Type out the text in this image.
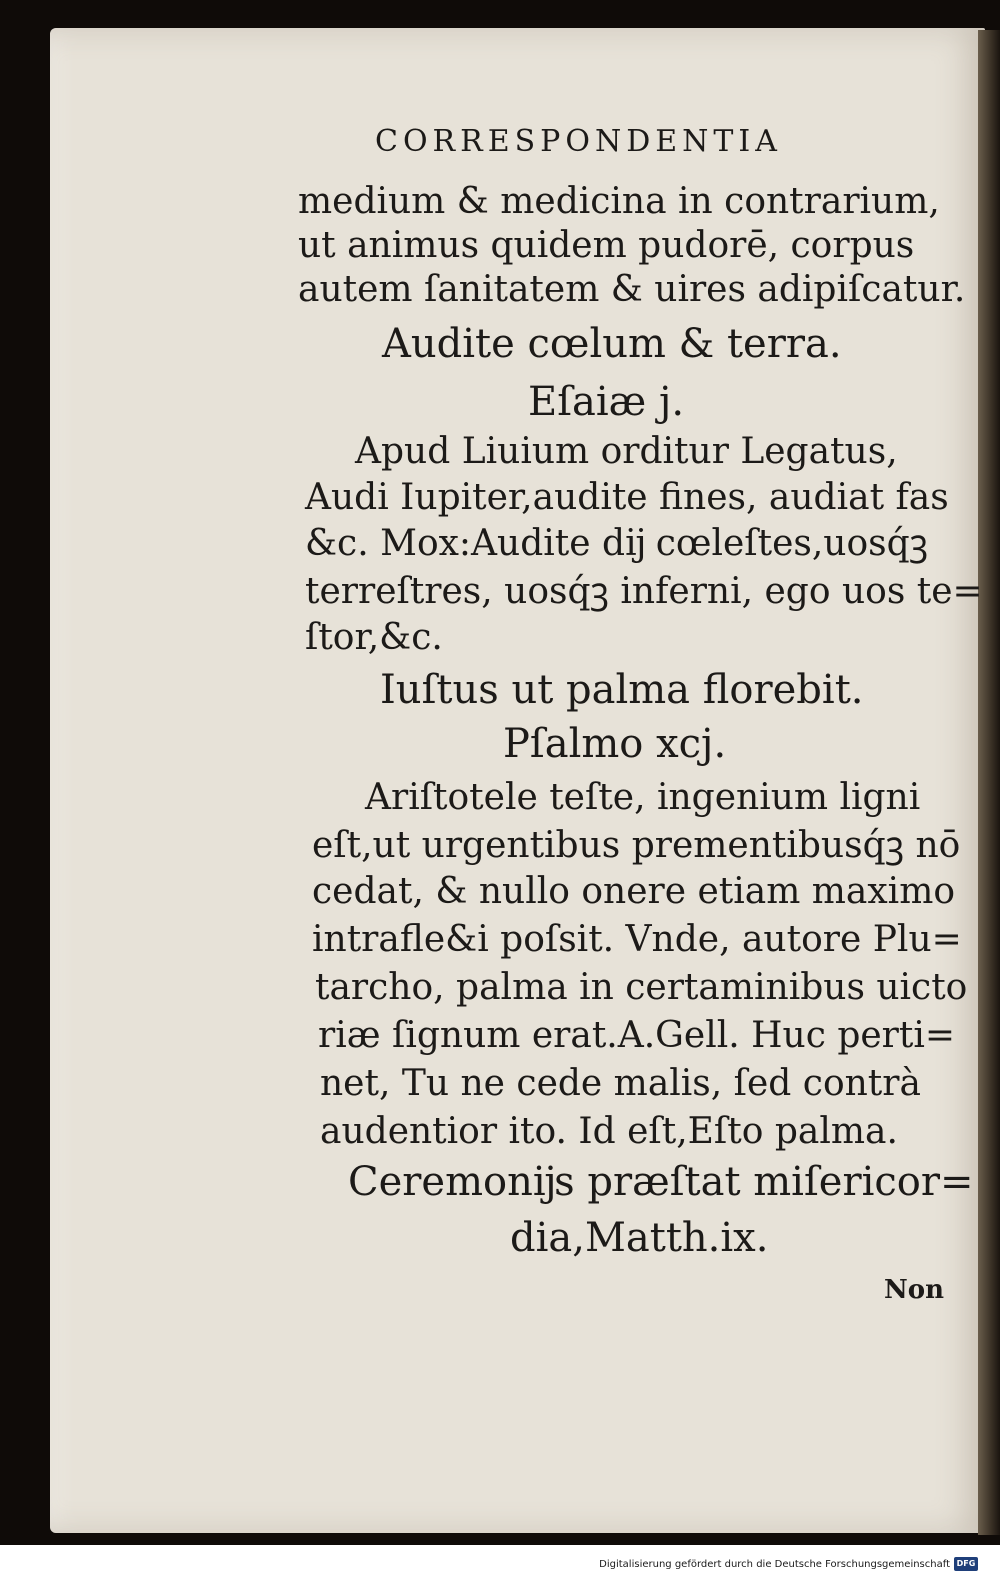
CORRESPONDENTIA
medium & medicina in contrarium,
ut animus quidem pudorē, corpus
autem ſanitatem & uires adipiſcatur.
Audite cœlum & terra.
Eſaiæ j.
Apud Liuium orditur Legatus,
Audi Iupiter,audite fines, audiat fas
&c. Mox:Audite dĳ cœleſtes,uosq́ꝫ
terreſtres, uosq́ꝫ inferni, ego uos te=
ſtor,&c.
Iuſtus ut palma florebit.
Pſalmo xcj.
Ariſtotele teſte, ingenium ligni
eſt,ut urgentibus prementibusq́ꝫ nō
cedat, & nullo onere etiam maximo
intrafle&i poſsit. Vnde, autore Plu=
tarcho, palma in certaminibus uicto
riæ ſignum erat.A.Gell. Huc perti=
net, Tu ne cede malis, ſed contrà
audentior ito. Id eſt,Eſto palma.
Ceremonĳs præſtat miſericor=
dia,Matth.ix.
Non
Digitalisierung gefördert durch die Deutsche Forschungsgemeinschaft DFG
